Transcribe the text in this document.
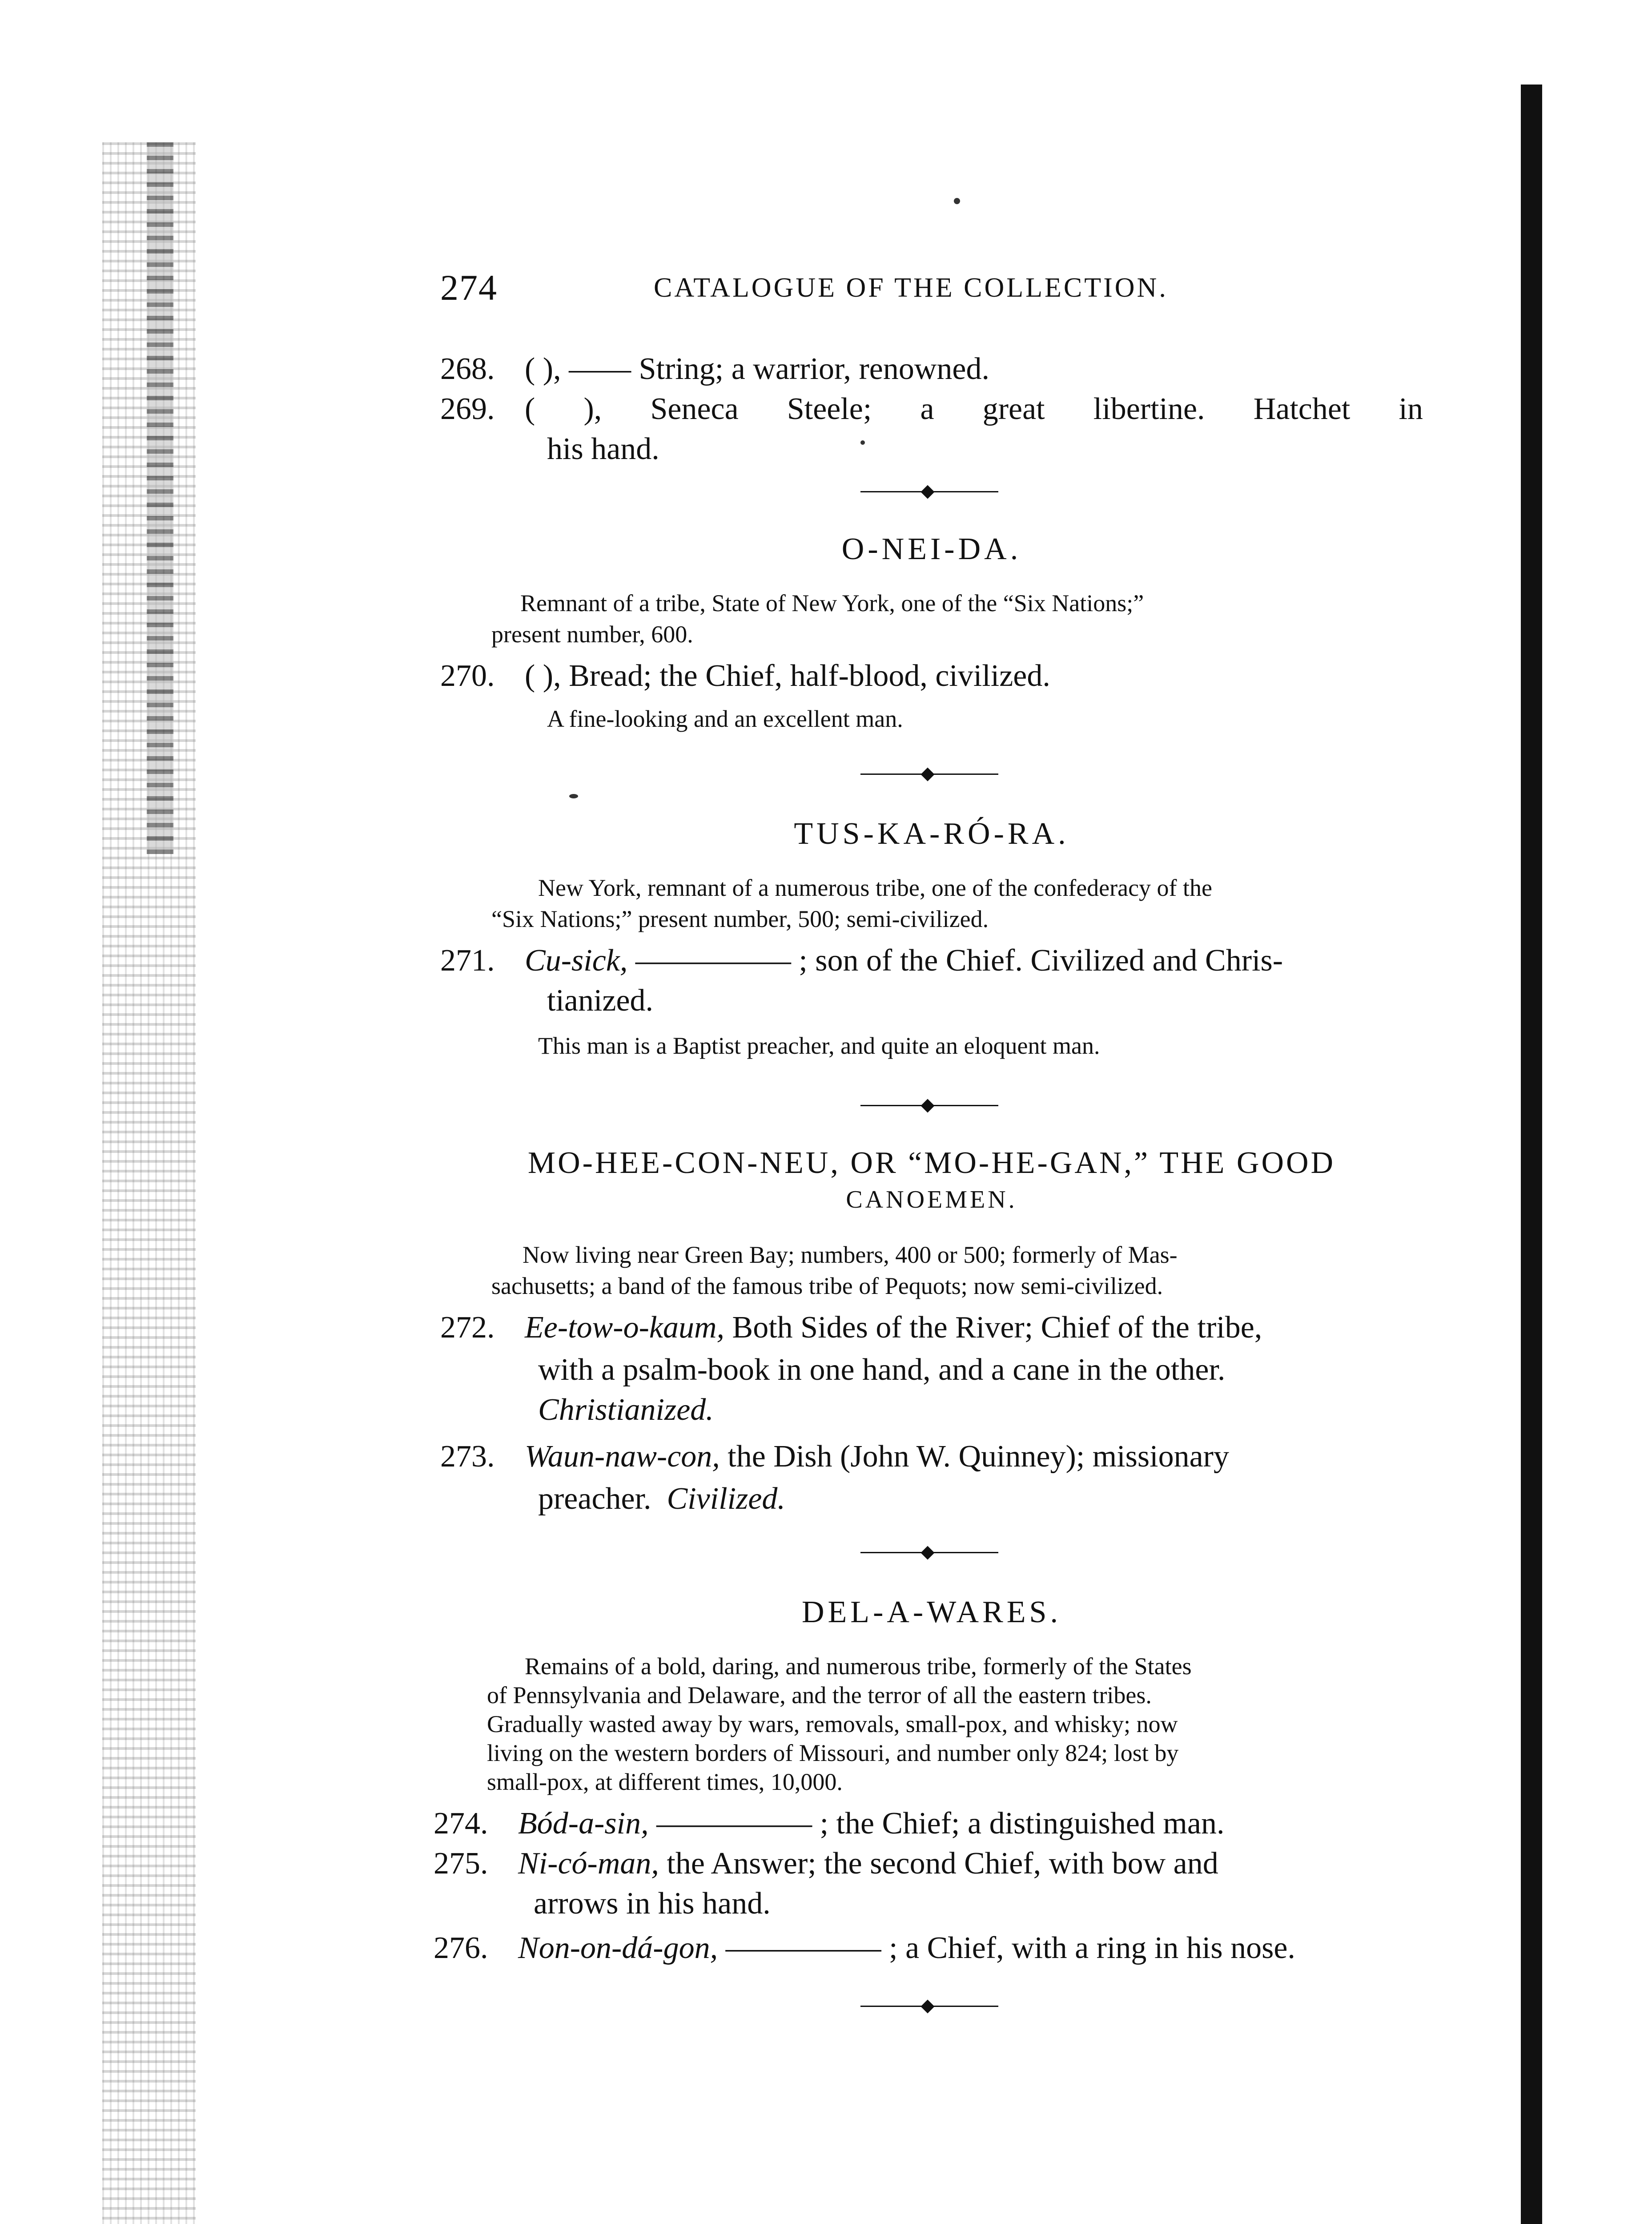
274	CATALOGUE OF THE COLLECTION.
268. ( ), —— String; a warrior, renowned.
269. ( ), Seneca Steele; a great libertine. Hatchet in
his hand.
O-NEI-DA.
Remnant of a tribe, State of New York, one of the “Six Nations;”
present number, 600.
270. ( ), Bread; the Chief, half-blood, civilized.
A fine-looking and an excellent man.
TUS-KA-RÓ-RA.
New York, remnant of a numerous tribe, one of the confederacy of the
“Six Nations;” present number, 500; semi-civilized.
271. Cu-sick, ————— ; son of the Chief. Civilized and Chris-
tianized.
This man is a Baptist preacher, and quite an eloquent man.
MO-HEE-CON-NEU, OR “MO-HE-GAN,” THE GOOD
CANOEMEN.
Now living near Green Bay; numbers, 400 or 500; formerly of Mas-
sachusetts; a band of the famous tribe of Pequots; now semi-civilized.
272. Ee-tow-o-kaum, Both Sides of the River; Chief of the tribe,
with a psalm-book in one hand, and a cane in the other.
Christianized.
273. Waun-naw-con, the Dish (John W. Quinney); missionary
preacher. Civilized.
DEL-A-WARES.
Remains of a bold, daring, and numerous tribe, formerly of the States
of Pennsylvania and Delaware, and the terror of all the eastern tribes.
Gradually wasted away by wars, removals, small-pox, and whisky; now
living on the western borders of Missouri, and number only 824; lost by
small-pox, at different times, 10,000.
274. Bód-a-sin, ————— ; the Chief; a distinguished man.
275. Ni-có-man, the Answer; the second Chief, with bow and
arrows in his hand.
276. Non-on-dá-gon, ————— ; a Chief, with a ring in his nose.
